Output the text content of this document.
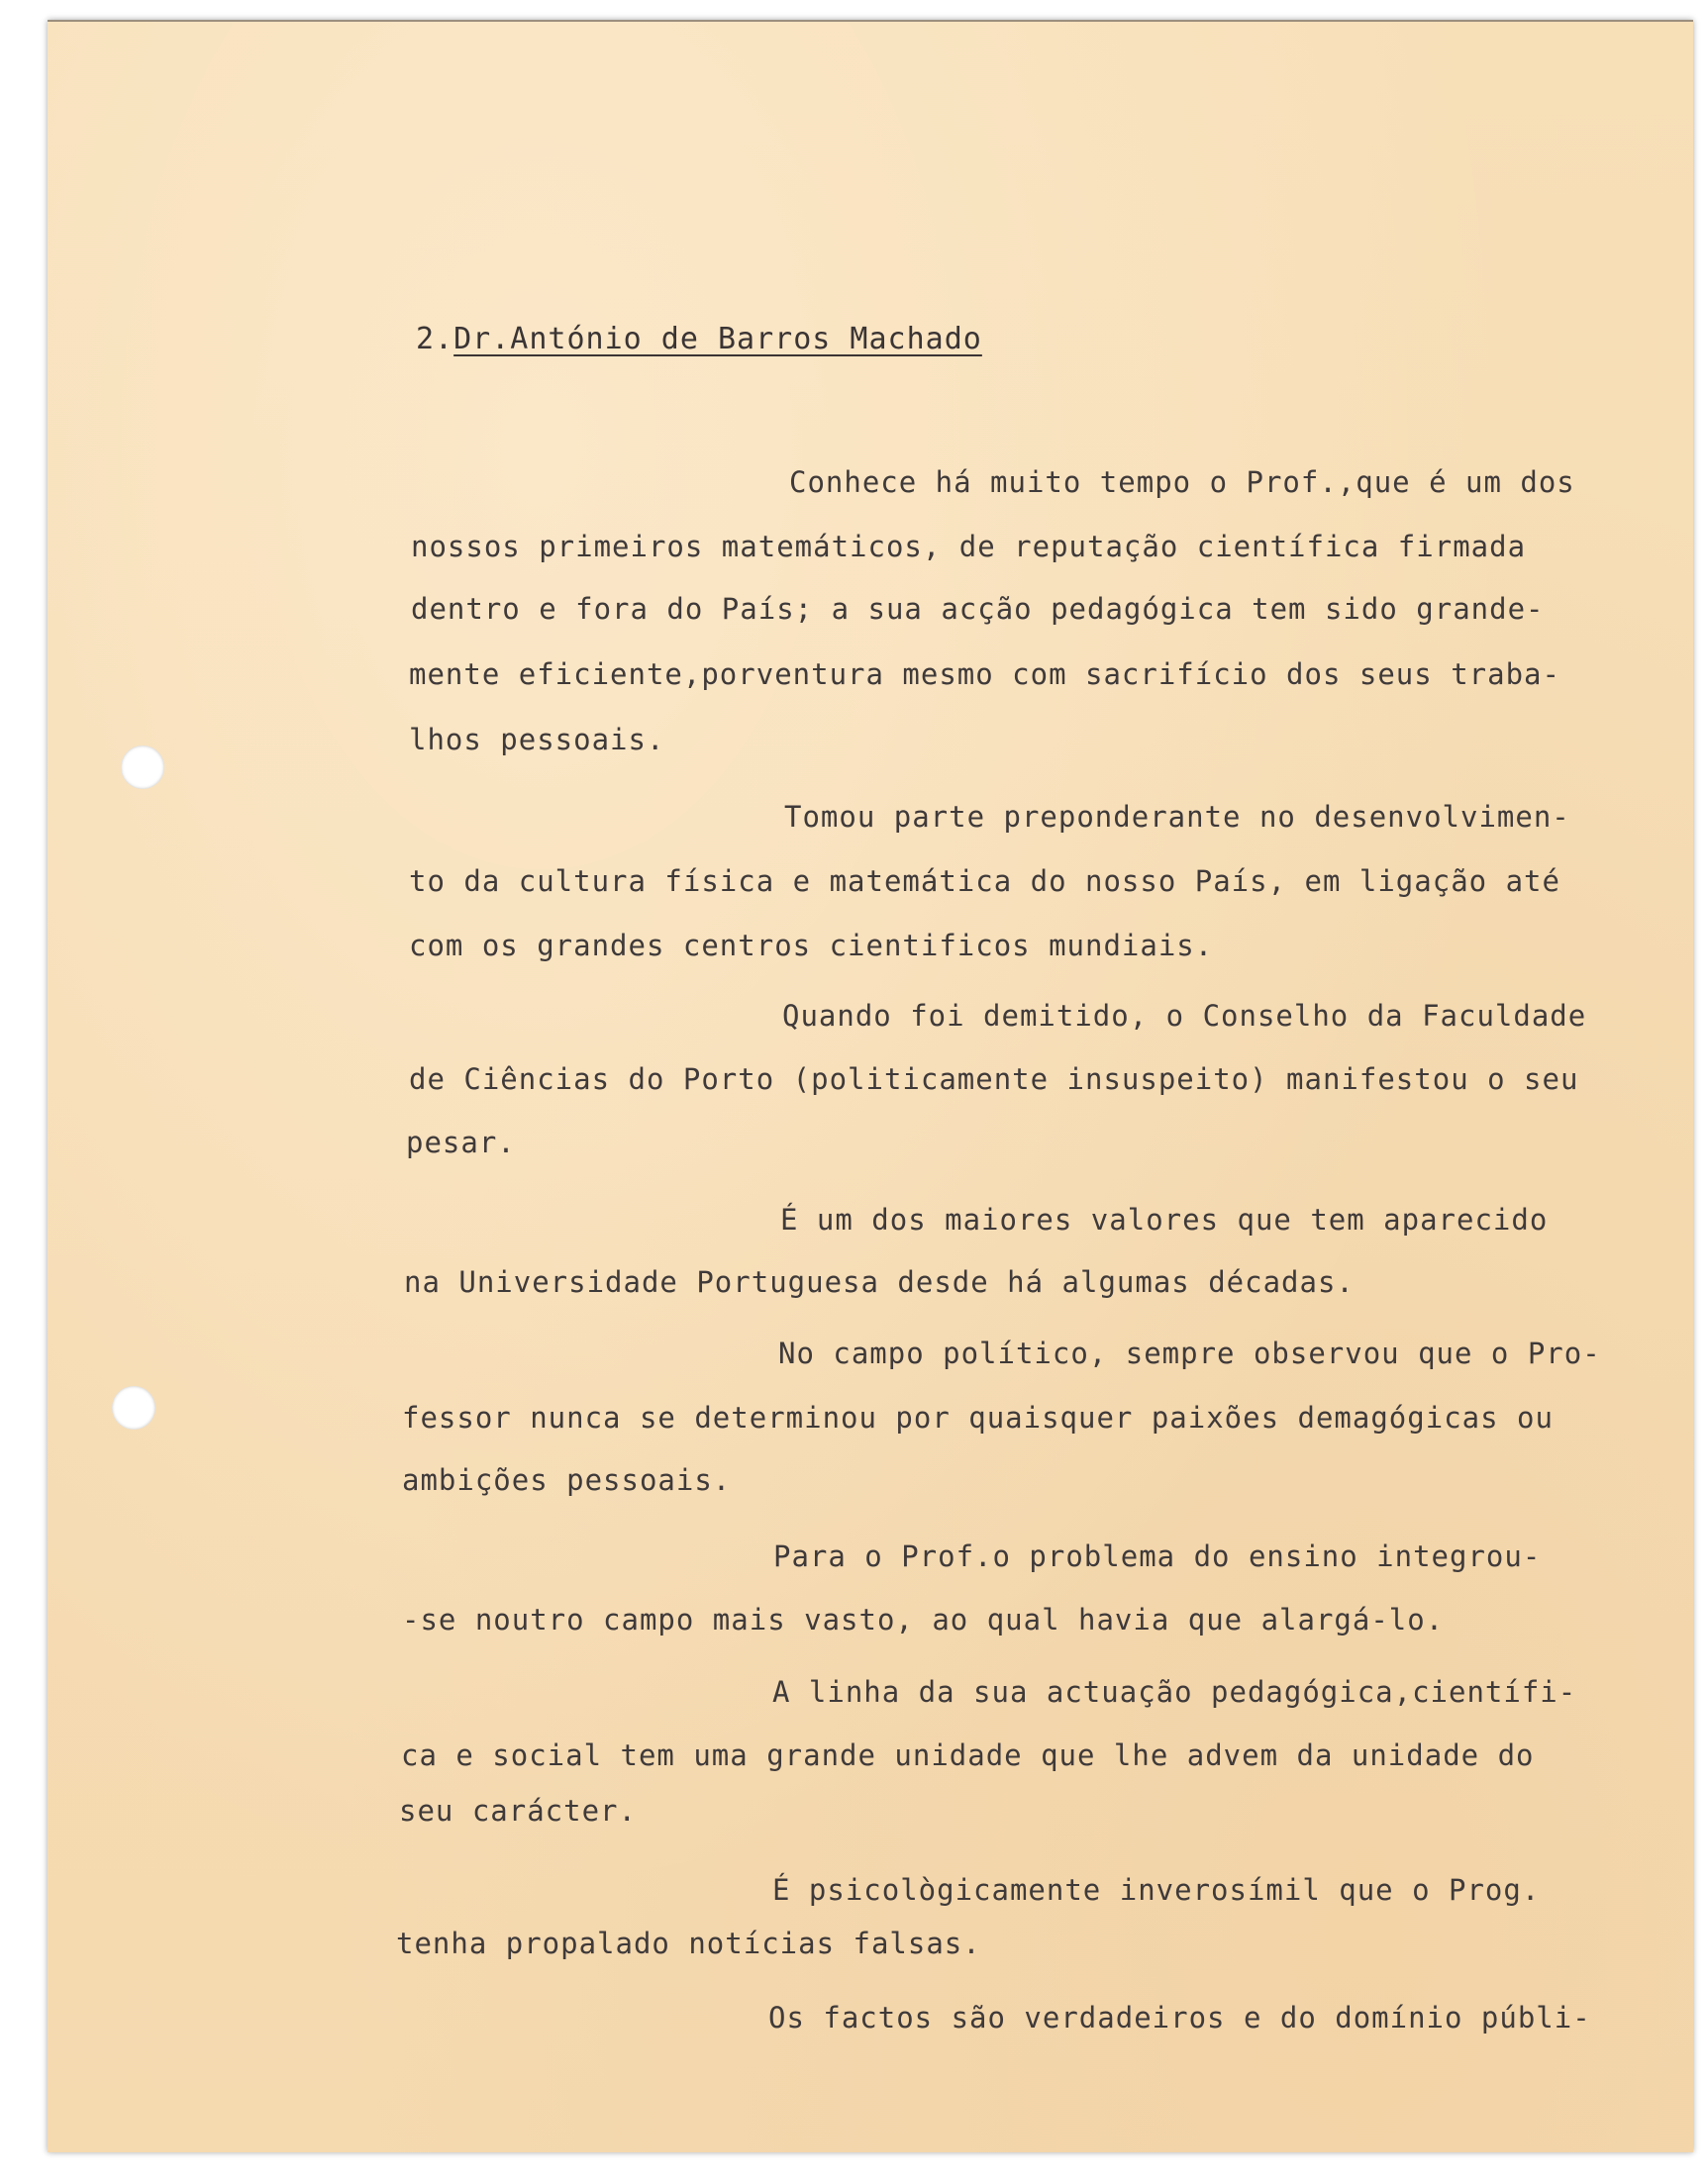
2.Dr.António de Barros Machado

Conhece há muito tempo o Prof.,que é um dos

nossos primeiros matemáticos, de reputação científica firmada

dentro e fora do País; a sua acção pedagógica tem sido grande-

mente eficiente,porventura mesmo com sacrifício dos seus traba-

lhos pessoais.

Tomou parte preponderante no desenvolvimen-

to da cultura física e matemática do nosso País, em ligação até

com os grandes centros cientificos mundiais.

Quando foi demitido, o Conselho da Faculdade

de Ciências do Porto (politicamente insuspeito) manifestou o seu

pesar.

É um dos maiores valores que tem aparecido

na Universidade Portuguesa desde há algumas décadas.

No campo político, sempre observou que o Pro-

fessor nunca se determinou por quaisquer paixões demagógicas ou

ambições pessoais.

Para o Prof.o problema do ensino integrou-

-se noutro campo mais vasto, ao qual havia que alargá-lo.

A linha da sua actuação pedagógica,científi-

ca e social tem uma grande unidade que lhe advem da unidade do

seu carácter.

É psicològicamente inverosímil que o Prog.

tenha propalado notícias falsas.

Os factos são verdadeiros e do domínio públi-
